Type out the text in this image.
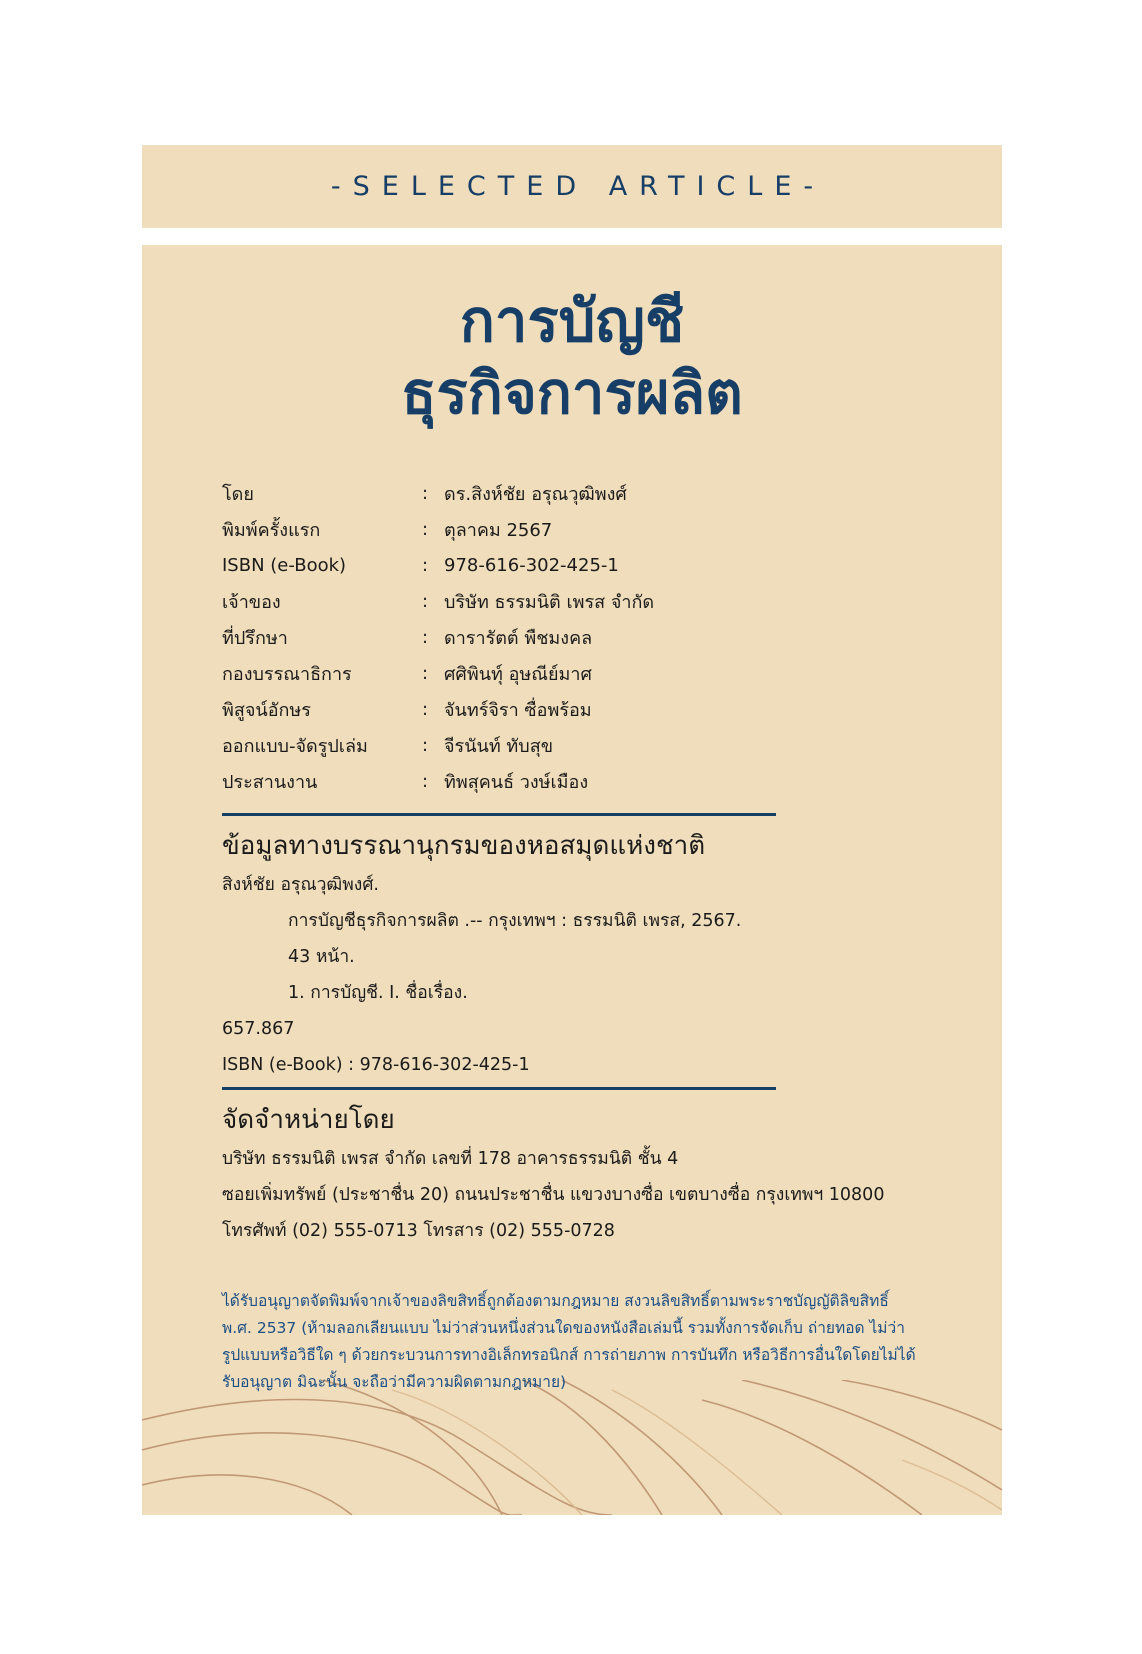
-SELECTED ARTICLE-
การบัญชี
ธุรกิจการผลิต
โดย	: ดร.สิงห์ชัย อรุณวุฒิพงศ์
พิมพ์ครั้งแรก	: ตุลาคม 2567
ISBN (e-Book)	: 978-616-302-425-1
เจ้าของ	: บริษัท ธรรมนิติ เพรส จำกัด
ที่ปรึกษา	: ดารารัตต์ พืชมงคล
กองบรรณาธิการ	: ศศิพินทุ์ อุษณีย์มาศ
พิสูจน์อักษร	: จันทร์จิรา ซื่อพร้อม
ออกแบบ-จัดรูปเล่ม	: จีรนันท์ ทับสุข
ประสานงาน	: ทิพสุคนธ์ วงษ์เมือง
ข้อมูลทางบรรณานุกรมของหอสมุดแห่งชาติ
สิงห์ชัย อรุณวุฒิพงศ์.
การบัญชีธุรกิจการผลิต .-- กรุงเทพฯ : ธรรมนิติ เพรส, 2567.
43 หน้า.
1. การบัญชี. I. ชื่อเรื่อง.
657.867
ISBN (e-Book) : 978-616-302-425-1
จัดจำหน่ายโดย
บริษัท ธรรมนิติ เพรส จำกัด เลขที่ 178 อาคารธรรมนิติ ชั้น 4
ซอยเพิ่มทรัพย์ (ประชาชื่น 20) ถนนประชาชื่น แขวงบางซื่อ เขตบางซื่อ กรุงเทพฯ 10800
โทรศัพท์ (02) 555-0713 โทรสาร (02) 555-0728
ได้รับอนุญาตจัดพิมพ์จากเจ้าของลิขสิทธิ์ถูกต้องตามกฎหมาย สงวนลิขสิทธิ์ตามพระราชบัญญัติลิขสิทธิ์ พ.ศ. 2537 (ห้ามลอกเลียนแบบ ไม่ว่าส่วนหนึ่งส่วนใดของหนังสือเล่มนี้ รวมทั้งการจัดเก็บ ถ่ายทอด ไม่ว่ารูปแบบหรือวิธีใด ๆ ด้วยกระบวนการทางอิเล็กทรอนิกส์ การถ่ายภาพ การบันทึก หรือวิธีการอื่นใดโดยไม่ได้รับอนุญาต มิฉะนั้น จะถือว่ามีความผิดตามกฎหมาย)
